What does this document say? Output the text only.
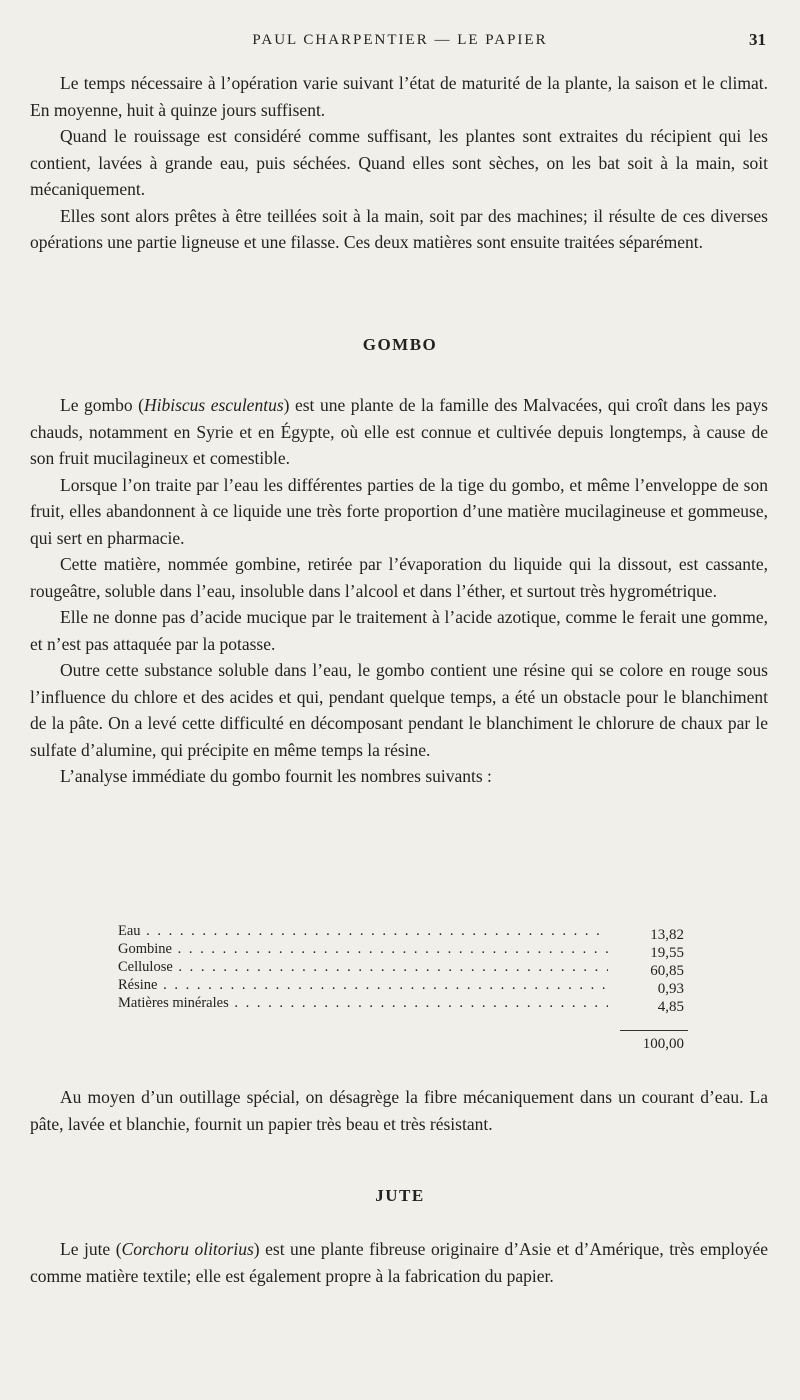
PAUL CHARPENTIER — LE PAPIER	31

Le temps nécessaire à l’opération varie suivant l’état de maturité de la plante, la saison et le climat. En moyenne, huit à quinze jours suffisent.

Quand le rouissage est considéré comme suffisant, les plantes sont extraites du récipient qui les contient, lavées à grande eau, puis séchées. Quand elles sont sèches, on les bat soit à la main, soit mécaniquement.

Elles sont alors prêtes à être teillées soit à la main, soit par des machines; il résulte de ces diverses opérations une partie ligneuse et une filasse. Ces deux matières sont ensuite traitées séparément.

GOMBO

Le gombo (Hibiscus esculentus) est une plante de la famille des Malvacées, qui croît dans les pays chauds, notamment en Syrie et en Égypte, où elle est connue et cultivée depuis longtemps, à cause de son fruit mucilagineux et comestible.

Lorsque l’on traite par l’eau les différentes parties de la tige du gombo, et même l’enveloppe de son fruit, elles abandonnent à ce liquide une très forte proportion d’une matière mucilagineuse et gommeuse, qui sert en pharmacie.

Cette matière, nommée gombine, retirée par l’évaporation du liquide qui la dissout, est cassante, rougeâtre, soluble dans l’eau, insoluble dans l’alcool et dans l’éther, et surtout très hygrométrique.

Elle ne donne pas d’acide mucique par le traitement à l’acide azotique, comme le ferait une gomme, et n’est pas attaquée par la potasse.

Outre cette substance soluble dans l’eau, le gombo contient une résine qui se colore en rouge sous l’influence du chlore et des acides et qui, pendant quelque temps, a été un obstacle pour le blanchiment de la pâte. On a levé cette difficulté en décomposant pendant le blanchiment le chlorure de chaux par le sulfate d’alumine, qui précipite en même temps la résine.

L’analyse immédiate du gombo fournit les nombres suivants :

Eau . . .	13,82
Gombine . . .	19,55
Cellulose . . .	60,85
Résine . . .	0,93
Matières minérales . . .	4,85
100,00

Au moyen d’un outillage spécial, on désagrège la fibre mécaniquement dans un courant d’eau. La pâte, lavée et blanchie, fournit un papier très beau et très résistant.

JUTE

Le jute (Corchoru olitorius) est une plante fibreuse originaire d’Asie et d’Amérique, très employée comme matière textile; elle est également propre à la fabrication du papier.
